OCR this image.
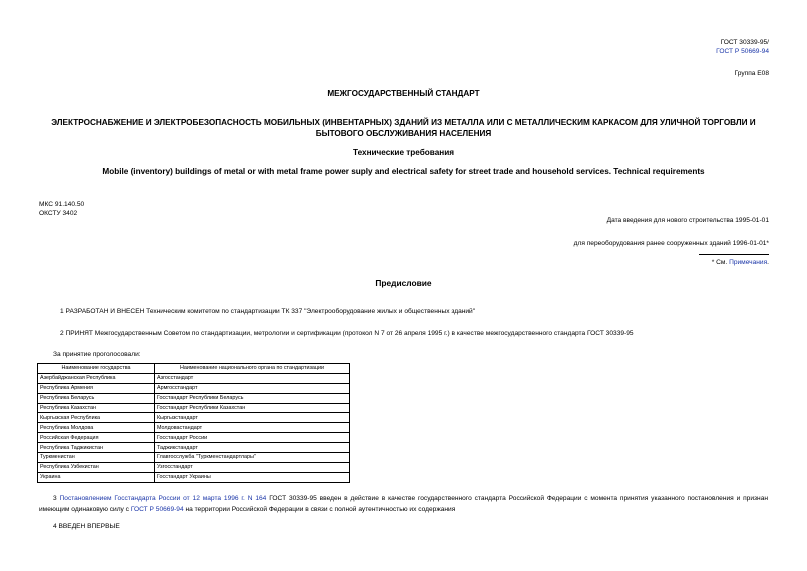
ГОСТ 30339-95/
ГОСТ Р 50669-94
Группа Е08
МЕЖГОСУДАРСТВЕННЫЙ СТАНДАРТ
ЭЛЕКТРОСНАБЖЕНИЕ И ЭЛЕКТРОБЕЗОПАСНОСТЬ МОБИЛЬНЫХ (ИНВЕНТАРНЫХ) ЗДАНИЙ ИЗ МЕТАЛЛА ИЛИ С МЕТАЛЛИЧЕСКИМ КАРКАСОМ ДЛЯ УЛИЧНОЙ ТОРГОВЛИ И БЫТОВОГО ОБСЛУЖИВАНИЯ НАСЕЛЕНИЯ
Технические требования
Mobile (inventory) buildings of metal or with metal frame power suply and electrical safety for street trade and household services. Technical requirements
МКС 91.140.50
ОКСТУ 3402
Дата введения для нового строительства 1995-01-01
для переоборудования ранее сооруженных зданий 1996-01-01*
* См. Примечания.
Предисловие
1 РАЗРАБОТАН И ВНЕСЕН Техническим комитетом по стандартизации ТК 337 "Электрооборудование жилых и общественных зданий"
2 ПРИНЯТ Межгосударственным Советом по стандартизации, метрологии и сертификации (протокол N 7 от 26 апреля 1995 г.) в качестве межгосударственного стандарта ГОСТ 30339-95
За принятие проголосовали:
Наименование государства	Наименование национального органа по стандартизации
Азербайджанская Республика	Азгосстандарт
Республика Армения	Армгосстандарт
Республика Беларусь	Госстандарт Республики Беларусь
Республика Казахстан	Госстандарт Республики Казахстан
Кыргызская Республика	Кыргызстандарт
Республика Молдова	Молдовастандарт
Российская Федерация	Госстандарт России
Республика Таджикистан	Таджикстандарт
Туркменистан	Главгосслужба "Туркменстандартлары"
Республика Узбекистан	Узгосстандарт
Украина	Госстандарт Украины
3 Постановлением Госстандарта России от 12 марта 1996 г. N 164 ГОСТ 30339-95 введен в действие в качестве государственного стандарта Российской Федерации с момента принятия указанного постановления и признан имеющим одинаковую силу с ГОСТ Р 50669-94 на территории Российской Федерации в связи с полной аутентичностью их содержания
4 ВВЕДЕН ВПЕРВЫЕ
